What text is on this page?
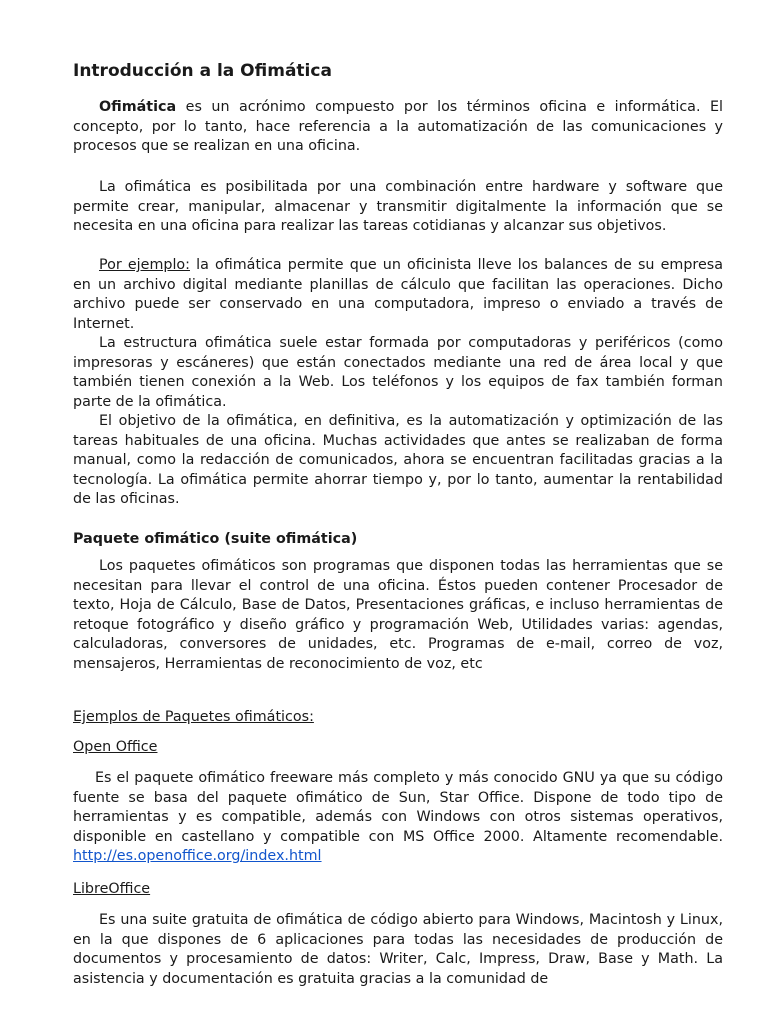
Introducción a la Ofimática

Ofimática es un acrónimo compuesto por los términos oficina e informática. El concepto, por lo tanto, hace referencia a la automatización de las comunicaciones y procesos que se realizan en una oficina.

La ofimática es posibilitada por una combinación entre hardware y software que permite crear, manipular, almacenar y transmitir digitalmente la información que se necesita en una oficina para realizar las tareas cotidianas y alcanzar sus objetivos.

Por ejemplo: la ofimática permite que un oficinista lleve los balances de su empresa en un archivo digital mediante planillas de cálculo que facilitan las operaciones. Dicho archivo puede ser conservado en una computadora, impreso o enviado a través de Internet.

La estructura ofimática suele estar formada por computadoras y periféricos (como impresoras y escáneres) que están conectados mediante una red de área local y que también tienen conexión a la Web. Los teléfonos y los equipos de fax también forman parte de la ofimática.

El objetivo de la ofimática, en definitiva, es la automatización y optimización de las tareas habituales de una oficina. Muchas actividades que antes se realizaban de forma manual, como la redacción de comunicados, ahora se encuentran facilitadas gracias a la tecnología. La ofimática permite ahorrar tiempo y, por lo tanto, aumentar la rentabilidad de las oficinas.

Paquete ofimático (suite ofimática)

Los paquetes ofimáticos son programas que disponen todas las herramientas que se necesitan para llevar el control de una oficina. Éstos pueden contener Procesador de texto, Hoja de Cálculo, Base de Datos, Presentaciones gráficas, e incluso herramientas de retoque fotográfico y diseño gráfico y programación Web, Utilidades varias: agendas, calculadoras, conversores de unidades, etc. Programas de e-mail, correo de voz, mensajeros, Herramientas de reconocimiento de voz, etc

Ejemplos de Paquetes ofimáticos:
Open Office

Es el paquete ofimático freeware más completo y más conocido GNU ya que su código fuente se basa del paquete ofimático de Sun, Star Office. Dispone de todo tipo de herramientas y es compatible, además con Windows con otros sistemas operativos, disponible en castellano y compatible con MS Office 2000. Altamente recomendable. http://es.openoffice.org/index.html

LibreOffice

Es una suite gratuita de ofimática de código abierto para Windows, Macintosh y Linux, en la que dispones de 6 aplicaciones para todas las necesidades de producción de documentos y procesamiento de datos: Writer, Calc, Impress, Draw, Base y Math. La asistencia y documentación es gratuita gracias a la comunidad de
